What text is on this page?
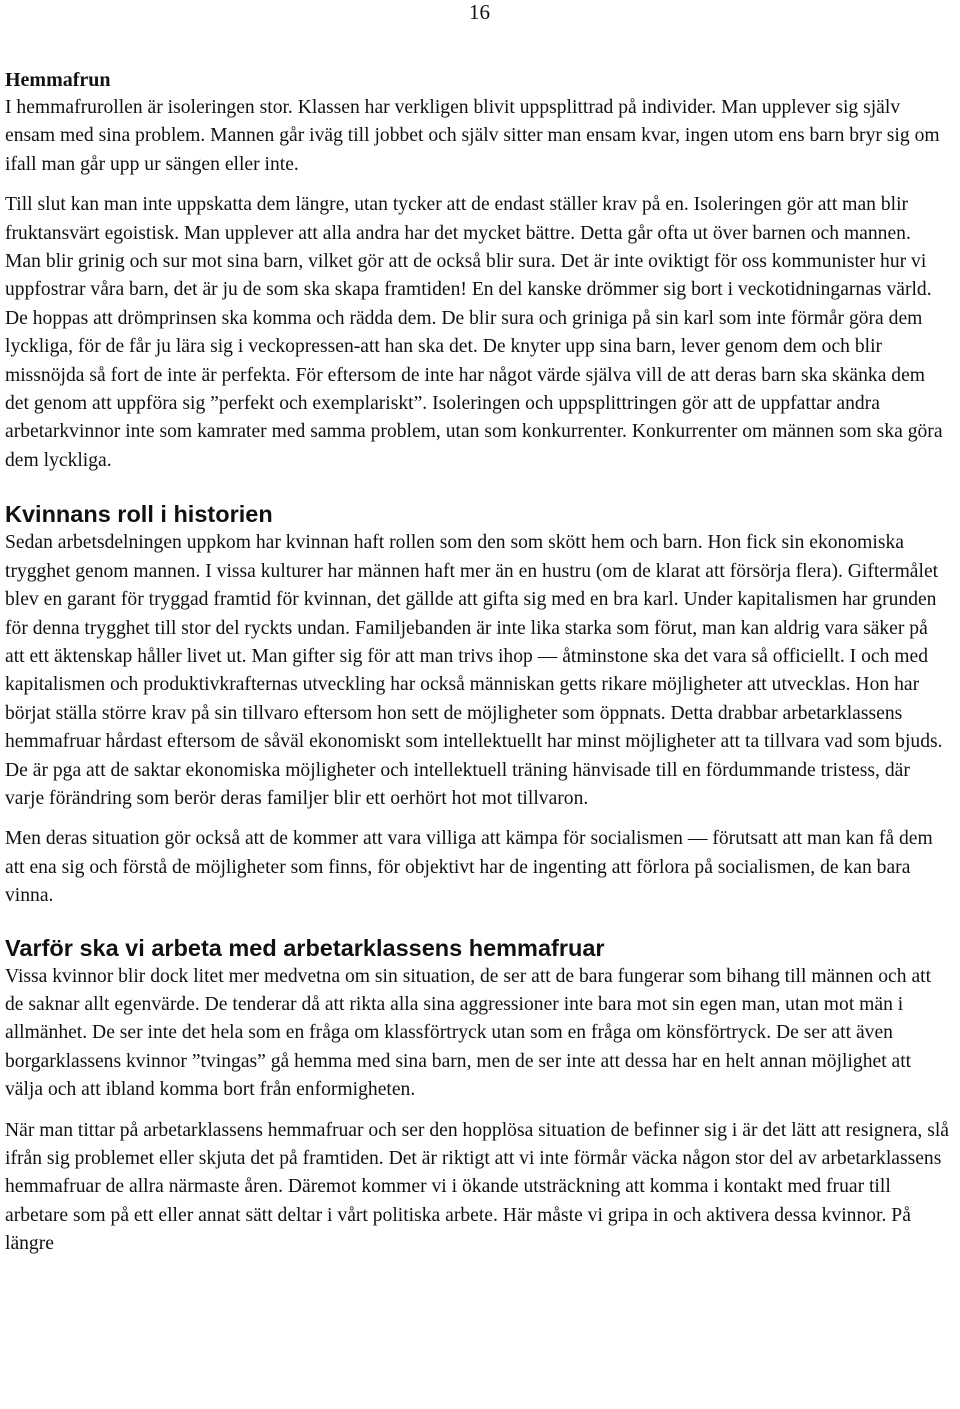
16
Hemmafrun

I hemmafrurollen är isoleringen stor. Klassen har verkligen blivit uppsplittrad på individer. Man upplever sig själv ensam med sina problem. Mannen går iväg till jobbet och själv sitter man ensam kvar, ingen utom ens barn bryr sig om ifall man går upp ur sängen eller inte.

Till slut kan man inte uppskatta dem längre, utan tycker att de endast ställer krav på en. Isoleringen gör att man blir fruktansvärt egoistisk. Man upplever att alla andra har det mycket bättre. Detta går ofta ut över barnen och mannen. Man blir grinig och sur mot sina barn, vilket gör att de också blir sura. Det är inte oviktigt för oss kommunister hur vi uppfostrar våra barn, det är ju de som ska skapa framtiden! En del kanske drömmer sig bort i veckotidningarnas värld. De hoppas att drömprinsen ska komma och rädda dem. De blir sura och griniga på sin karl som inte förmår göra dem lyckliga, för de får ju lära sig i veckopressen-att han ska det. De knyter upp sina barn, lever genom dem och blir missnöjda så fort de inte är perfekta. För eftersom de inte har något värde själva vill de att deras barn ska skänka dem det genom att uppföra sig ”perfekt och exemplariskt”. Isoleringen och uppsplittringen gör att de uppfattar andra arbetarkvinnor inte som kamrater med samma problem, utan som konkurrenter. Konkurrenter om männen som ska göra dem lyckliga.

Kvinnans roll i historien

Sedan arbetsdelningen uppkom har kvinnan haft rollen som den som skött hem och barn. Hon fick sin ekonomiska trygghet genom mannen. I vissa kulturer har männen haft mer än en hustru (om de klarat att försörja flera). Giftermålet blev en garant för tryggad framtid för kvinnan, det gällde att gifta sig med en bra karl. Under kapitalismen har grunden för denna trygghet till stor del ryckts undan. Familjebanden är inte lika starka som förut, man kan aldrig vara säker på att ett äktenskap håller livet ut. Man gifter sig för att man trivs ihop — åtminstone ska det vara så officiellt. I och med kapitalismen och produktivkrafternas utveckling har också människan getts rikare möjligheter att utvecklas. Hon har börjat ställa större krav på sin tillvaro eftersom hon sett de möjligheter som öppnats. Detta drabbar arbetarklassens hemmafruar hårdast eftersom de såväl ekonomiskt som intellektuellt har minst möjligheter att ta tillvara vad som bjuds. De är pga att de saktar ekonomiska möjligheter och intellektuell träning hänvisade till en fördummande tristess, där varje förändring som berör deras familjer blir ett oerhört hot mot tillvaron.

Men deras situation gör också att de kommer att vara villiga att kämpa för socialismen — förutsatt att man kan få dem att ena sig och förstå de möjligheter som finns, för objektivt har de ingenting att förlora på socialismen, de kan bara vinna.

Varför ska vi arbeta med arbetarklassens hemmafruar

Vissa kvinnor blir dock litet mer medvetna om sin situation, de ser att de bara fungerar som bihang till männen och att de saknar allt egenvärde. De tenderar då att rikta alla sina aggressioner inte bara mot sin egen man, utan mot män i allmänhet. De ser inte det hela som en fråga om klassförtryck utan som en fråga om könsförtryck. De ser att även borgarklassens kvinnor ”tvingas” gå hemma med sina barn, men de ser inte att dessa har en helt annan möjlighet att välja och att ibland komma bort från enformigheten.

När man tittar på arbetarklassens hemmafruar och ser den hopplösa situation de befinner sig i är det lätt att resignera, slå ifrån sig problemet eller skjuta det på framtiden. Det är riktigt att vi inte förmår väcka någon stor del av arbetarklassens hemmafruar de allra närmaste åren. Däremot kommer vi i ökande utsträckning att komma i kontakt med fruar till arbetare som på ett eller annat sätt deltar i vårt politiska arbete. Här måste vi gripa in och aktivera dessa kvinnor. På längre
